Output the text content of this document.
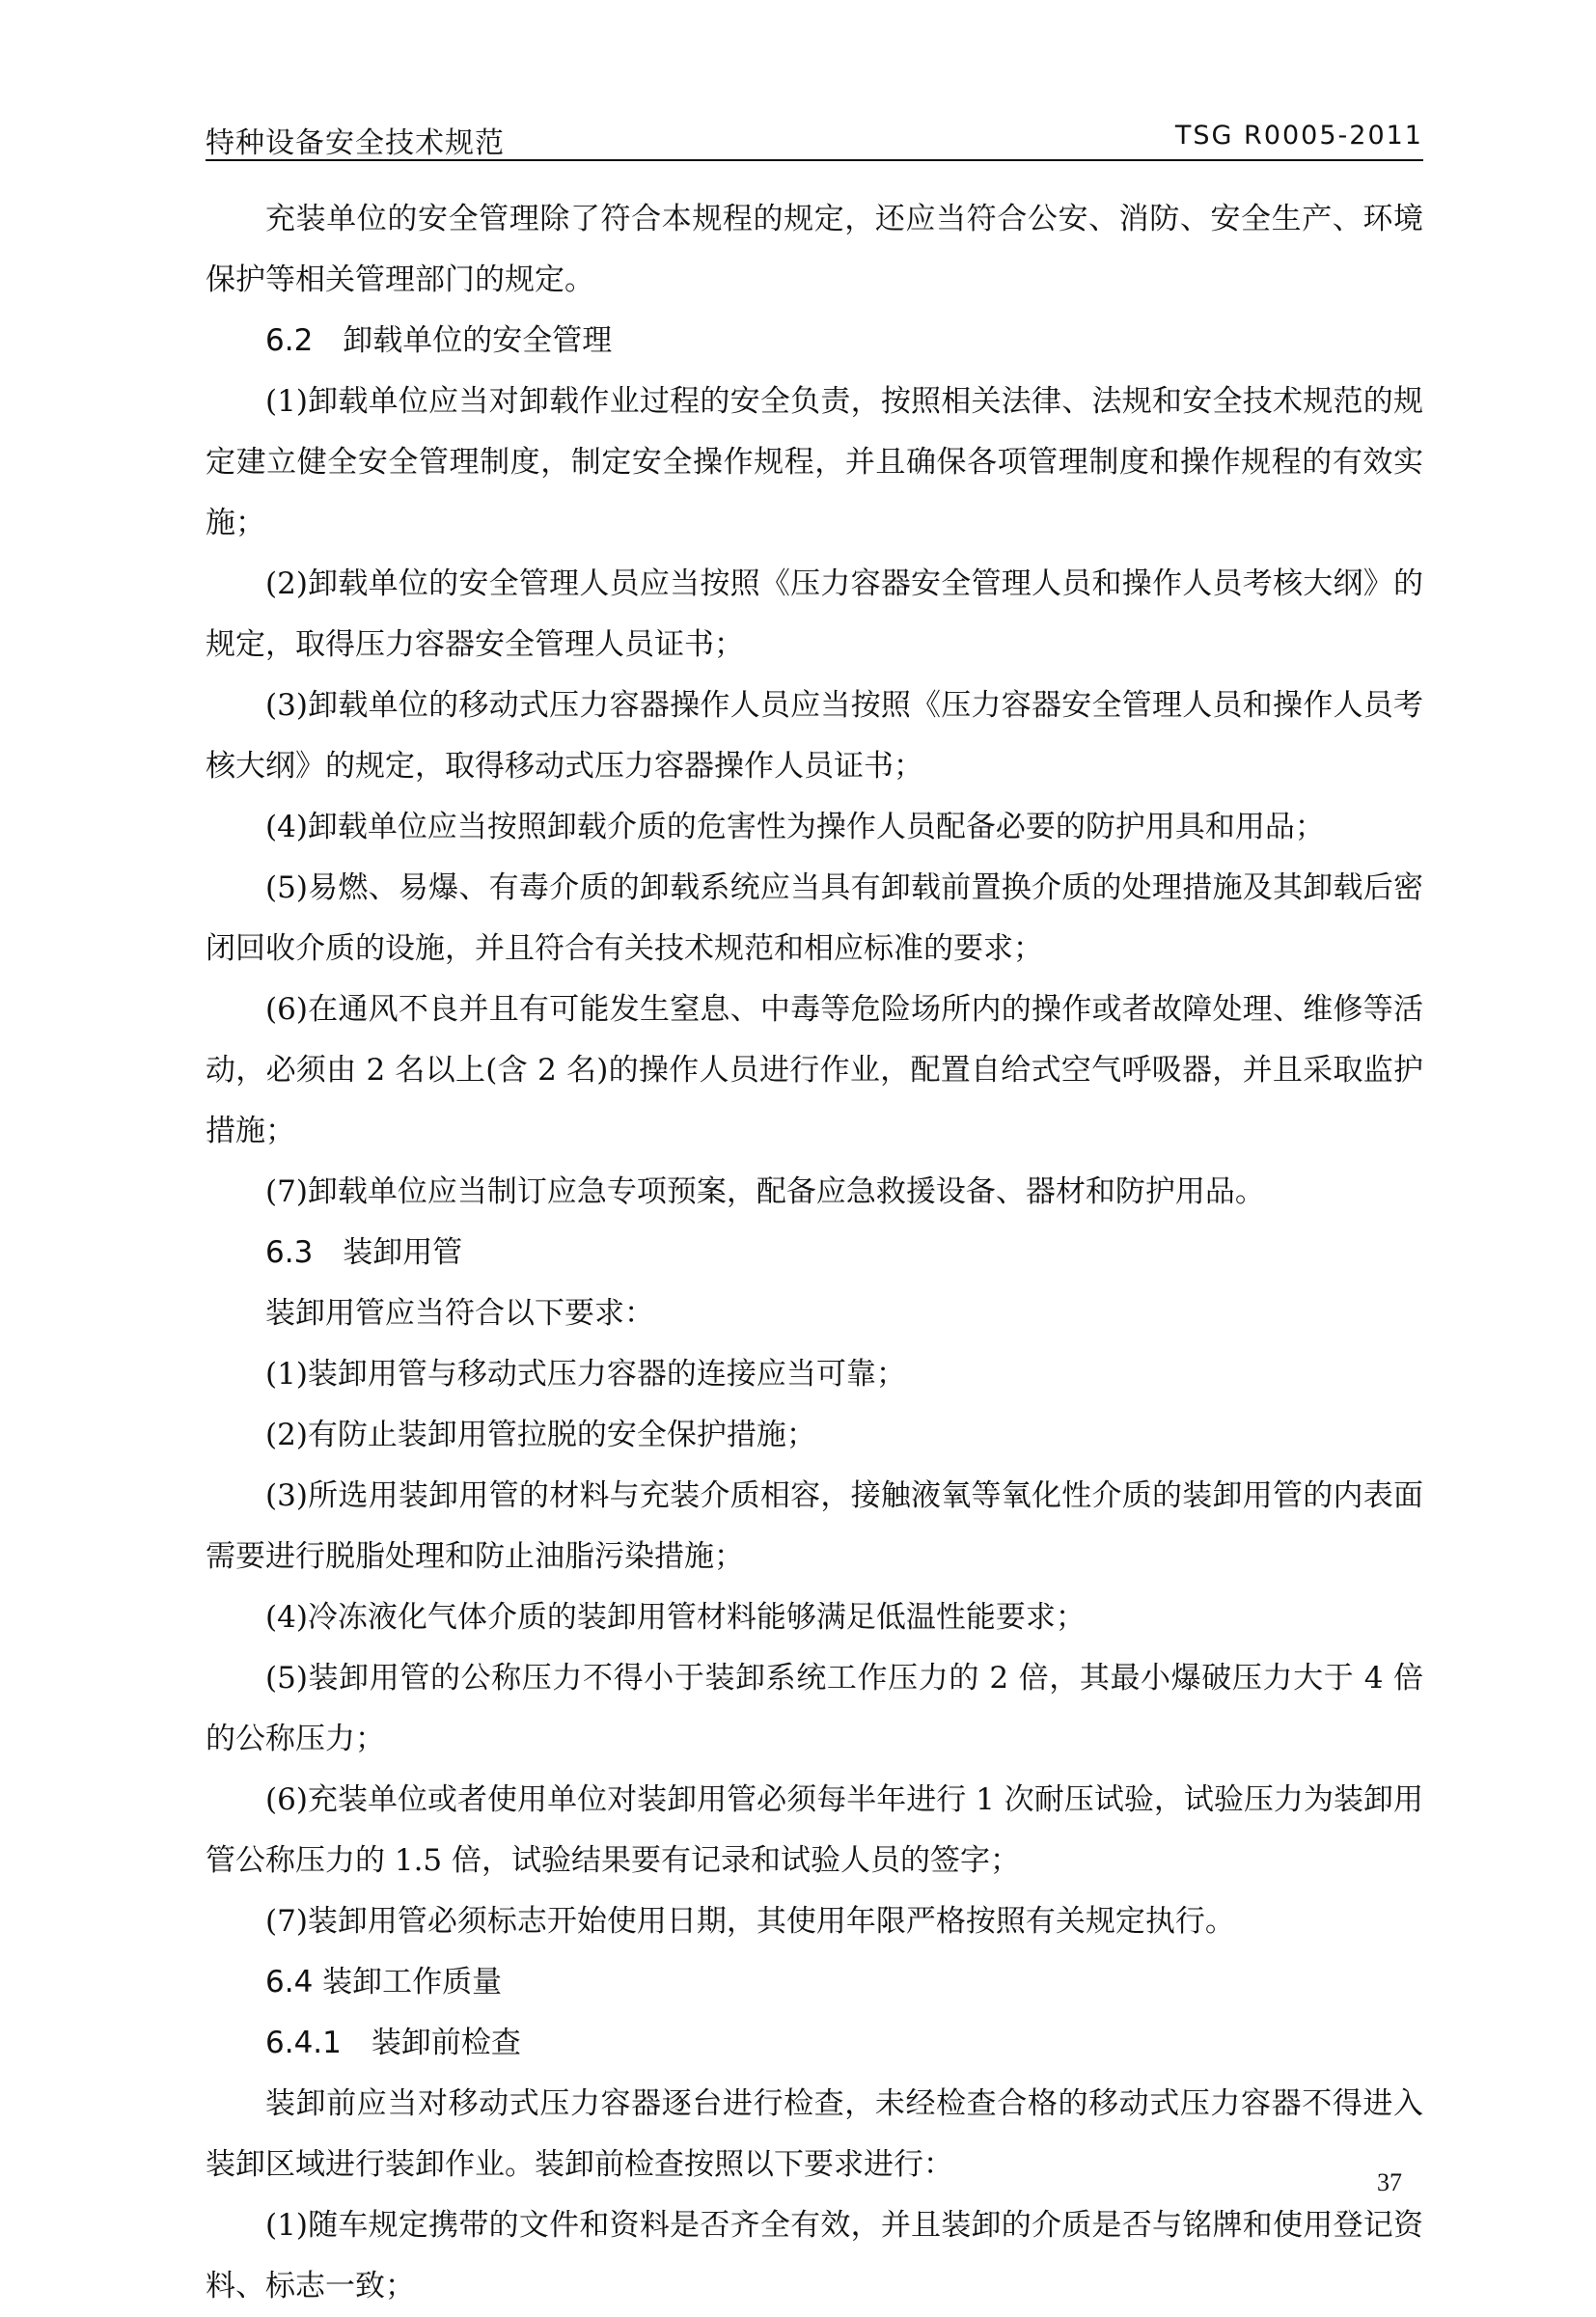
特种设备安全技术规范	TSG R0005-2011

充装单位的安全管理除了符合本规程的规定，还应当符合公安、消防、安全生产、环境保护等相关管理部门的规定。

6.2　卸载单位的安全管理

(1)卸载单位应当对卸载作业过程的安全负责，按照相关法律、法规和安全技术规范的规定建立健全安全管理制度，制定安全操作规程，并且确保各项管理制度和操作规程的有效实施；

(2)卸载单位的安全管理人员应当按照《压力容器安全管理人员和操作人员考核大纲》的规定，取得压力容器安全管理人员证书；

(3)卸载单位的移动式压力容器操作人员应当按照《压力容器安全管理人员和操作人员考核大纲》的规定，取得移动式压力容器操作人员证书；

(4)卸载单位应当按照卸载介质的危害性为操作人员配备必要的防护用具和用品；

(5)易燃、易爆、有毒介质的卸载系统应当具有卸载前置换介质的处理措施及其卸载后密闭回收介质的设施，并且符合有关技术规范和相应标准的要求；

(6)在通风不良并且有可能发生窒息、中毒等危险场所内的操作或者故障处理、维修等活动，必须由 2 名以上(含 2 名)的操作人员进行作业，配置自给式空气呼吸器，并且采取监护措施；

(7)卸载单位应当制订应急专项预案，配备应急救援设备、器材和防护用品。

6.3　装卸用管

装卸用管应当符合以下要求：

(1)装卸用管与移动式压力容器的连接应当可靠；

(2)有防止装卸用管拉脱的安全保护措施；

(3)所选用装卸用管的材料与充装介质相容，接触液氧等氧化性介质的装卸用管的内表面需要进行脱脂处理和防止油脂污染措施；

(4)冷冻液化气体介质的装卸用管材料能够满足低温性能要求；

(5)装卸用管的公称压力不得小于装卸系统工作压力的 2 倍，其最小爆破压力大于 4 倍的公称压力；

(6)充装单位或者使用单位对装卸用管必须每半年进行 1 次耐压试验，试验压力为装卸用管公称压力的 1.5 倍，试验结果要有记录和试验人员的签字；

(7)装卸用管必须标志开始使用日期，其使用年限严格按照有关规定执行。

6.4 装卸工作质量

6.4.1　装卸前检查

装卸前应当对移动式压力容器逐台进行检查，未经检查合格的移动式压力容器不得进入装卸区域进行装卸作业。装卸前检查按照以下要求进行：

(1)随车规定携带的文件和资料是否齐全有效，并且装卸的介质是否与铭牌和使用登记资料、标志一致；

37
